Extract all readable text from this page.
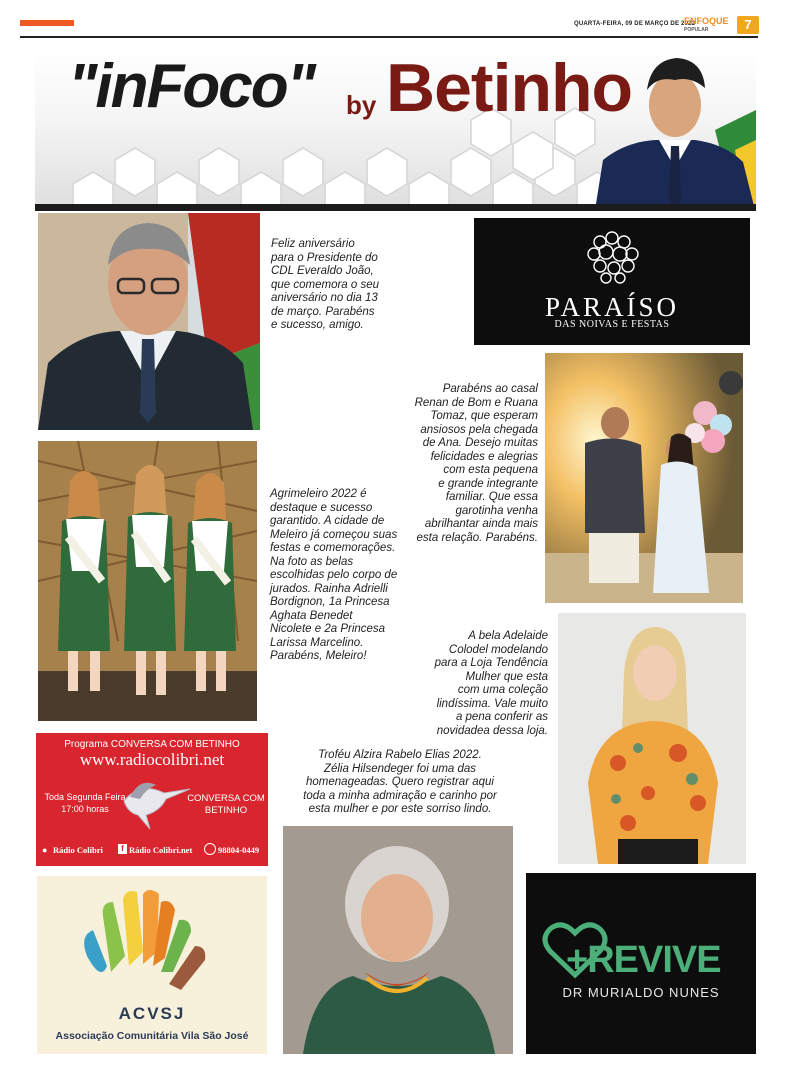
QUARTA-FEIRA, 09 DE MARÇO DE 2022
ENFOQUE
POPULAR	7
"inFoco" by Betinho
Feliz aniversário
para o Presidente do
CDL Everaldo João,
que comemora o seu
aniversário no dia 13
de março. Parabéns
e sucesso, amigo.
PARAÍSO
DAS NOIVAS E FESTAS
Parabéns ao casal
Renan de Bom e Ruana
Tomaz, que esperam
ansiosos pela chegada
de Ana. Desejo muitas
felicidades e alegrias
com esta pequena
e grande integrante
familiar. Que essa
garotinha venha
abrilhantar ainda mais
esta relação. Parabéns.
Agrimeleiro 2022 é
destaque e sucesso
garantido. A cidade de
Meleiro já começou suas
festas e comemorações.
Na foto as belas
escolhidas pelo corpo de
jurados. Rainha Adrielli
Bordignon, 1a Princesa
Aghata Benedet
Nicolete e 2a Princesa
Larissa Marcelino.
Parabéns, Meleiro!
A bela Adelaide
Colodel modelando
para a Loja Tendência
Mulher que esta
com uma coleção
lindíssima. Vale muito
a pena conferir as
novidadea dessa loja.
Programa CONVERSA COM BETINHO
www.radiocolibri.net
Toda Segunda Feira
17:00 horas
CONVERSA COM
BETINHO
● Rádio Colibri	f Rádio Colibri.net	98804-0449
Troféu Alzira Rabelo Elias 2022.
Zélia Hilsendeger foi uma das
homenageadas. Quero registrar aqui
toda a minha admiração e carinho por
esta mulher e por este sorriso lindo.
ACVSJ
Associação Comunitária Vila São José
+REVIVE
DR MURIALDO NUNES
